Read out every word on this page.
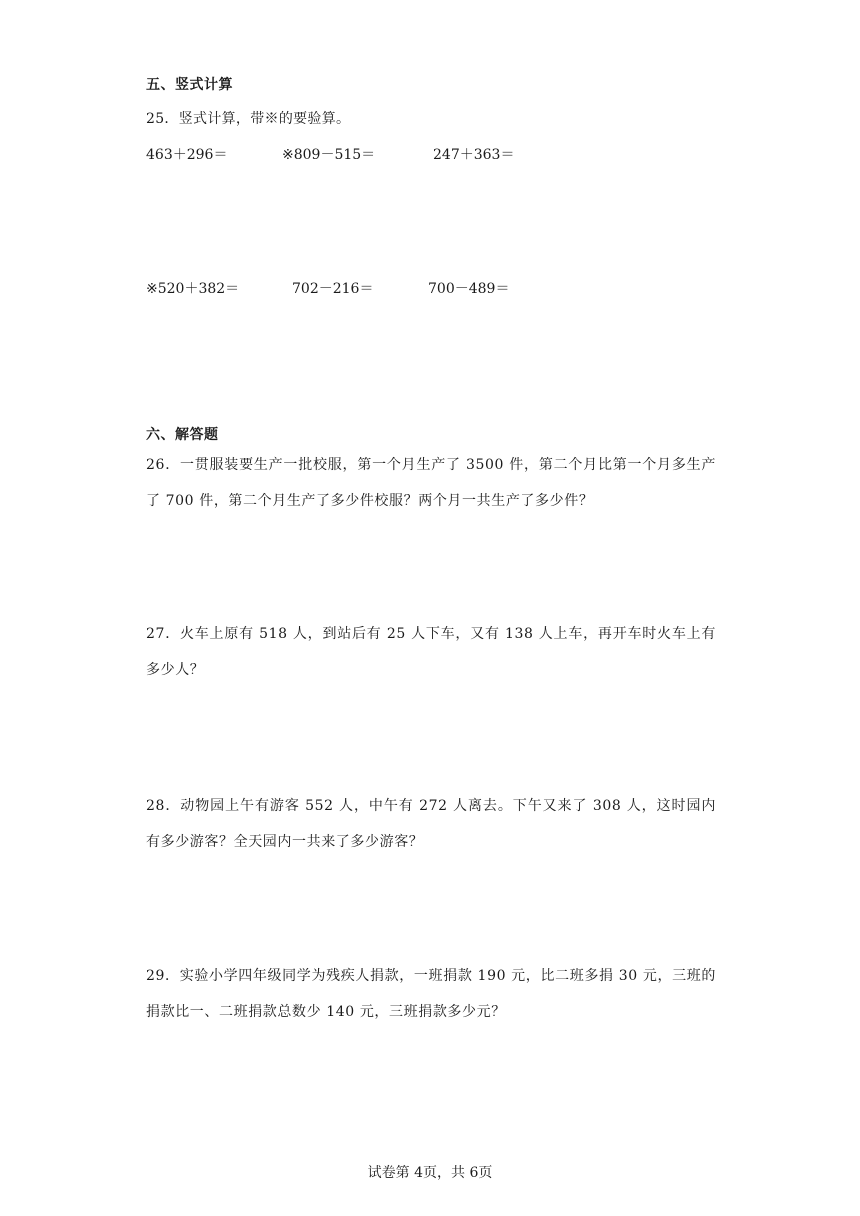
五、竖式计算
25．竖式计算，带※的要验算。
463＋296＝	※809－515＝	247＋363＝
※520＋382＝	702－216＝	700－489＝
六、解答题
26．一贯服装要生产一批校服，第一个月生产了 3500 件，第二个月比第一个月多生产了 700 件，第二个月生产了多少件校服？两个月一共生产了多少件？
27．火车上原有 518 人，到站后有 25 人下车，又有 138 人上车，再开车时火车上有多少人？
28．动物园上午有游客 552 人，中午有 272 人离去。下午又来了 308 人，这时园内有多少游客？全天园内一共来了多少游客？
29．实验小学四年级同学为残疾人捐款，一班捐款 190 元，比二班多捐 30 元，三班的捐款比一、二班捐款总数少 140 元，三班捐款多少元？
试卷第 4页，共 6页
